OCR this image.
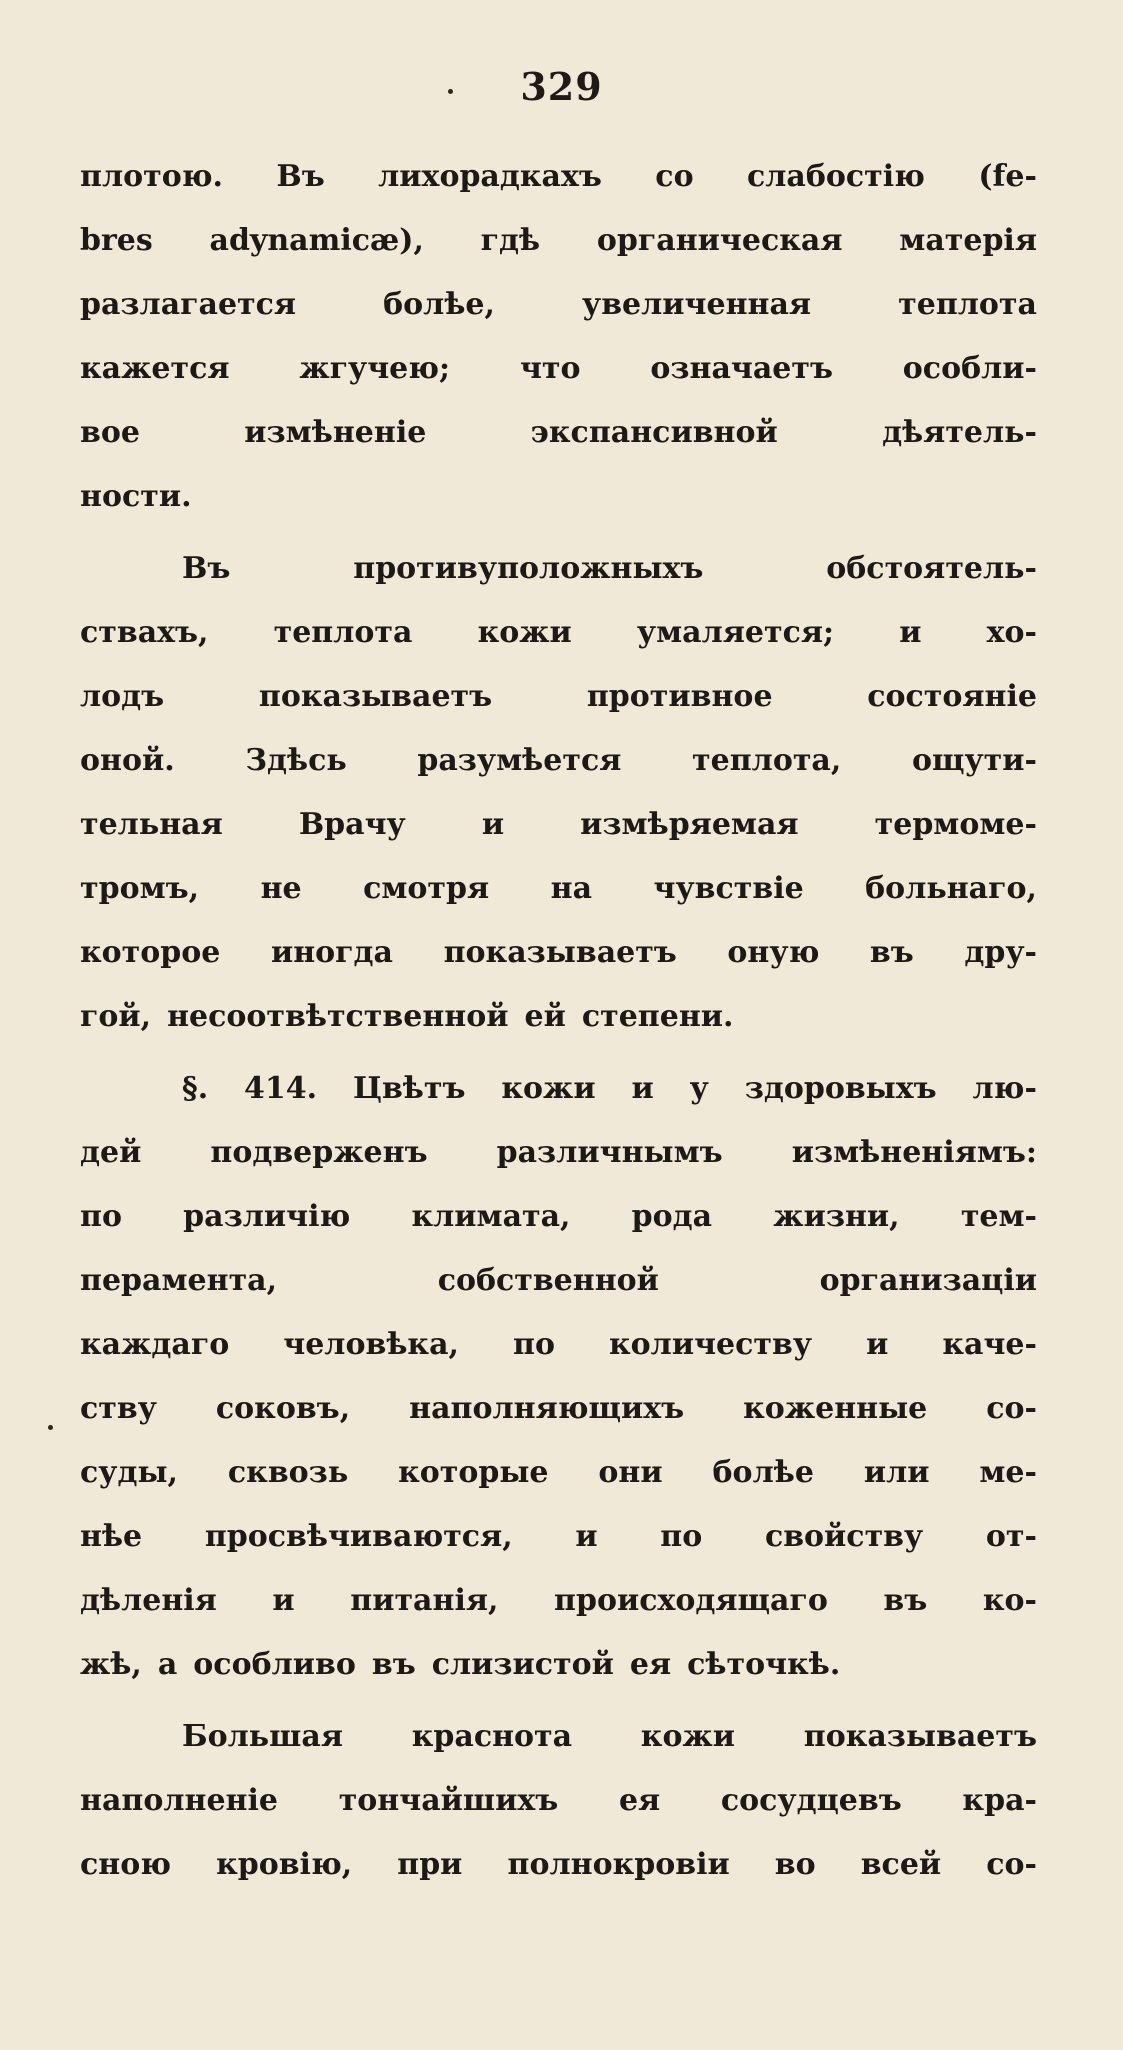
329
плотою. Въ лихорадкахъ со слабостію (fe-
bres adynamicæ), гдѣ органическая матерія
разлагается	болѣе,	увеличенная	теплота
кажется жгучею; что означаетъ особли-
вое	измѣненіе	экспансивной	дѣятель-
ности.
Въ	противуположныхъ	обстоятель-
ствахъ, теплота кожи умаляется; и хо-
лодъ	показываетъ	противное	состояніе
оной. Здѣсь разумѣется теплота, ощути-
тельная	Врачу	и	измѣряемая	термоме-
тромъ, не смотря на чувствіе больнаго,
которое иногда показываетъ оную въ дру-
гой, несоотвѣтственной ей степени.
§. 414. Цвѣтъ кожи и у здоровыхъ лю-
дей подверженъ различнымъ измѣненіямъ:
по различію климата, рода жизни, тем-
перамента,	собственной	организаціи
каждаго человѣка, по количеству и каче-
ству соковъ, наполняющихъ коженные со-
суды, сквозь которые они болѣе или ме-
нѣе просвѣчиваются, и по свойству от-
дѣленія и питанія, происходящаго въ ко-
жѣ, а особливо въ слизистой ея сѣточкѣ.
Большая краснота кожи показываетъ
наполненіе тончайшихъ ея сосудцевъ кра-
сною кровію, при полнокровіи во всей со-
